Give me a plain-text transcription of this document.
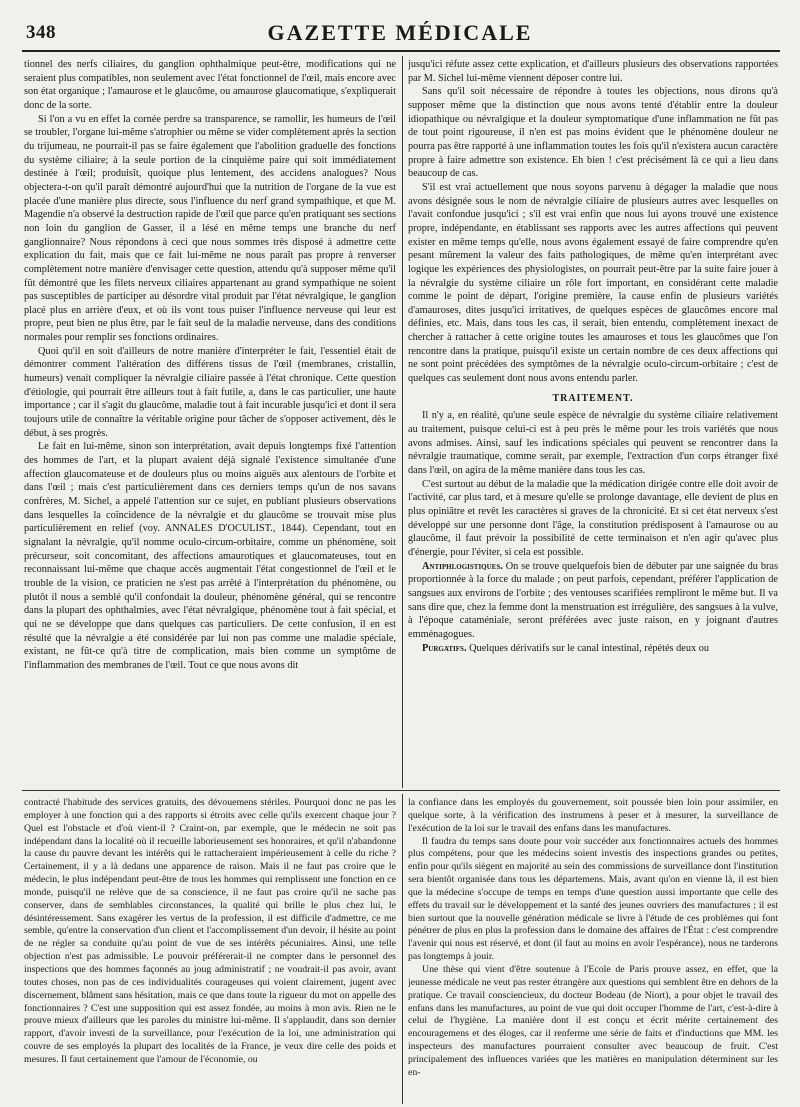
348	GAZETTE MÉDICALE

tionnel des nerfs ciliaires, du ganglion ophthalmique peut-être, modifications qui ne seraient plus compatibles, non seulement avec l'état fonctionnel de l'œil, mais encore avec son état organique ; l'amaurose et le glaucôme, ou amaurose glaucomatique, s'expliquerait donc de la sorte.

Si l'on a vu en effet la cornée perdre sa transparence, se ramollir, les humeurs de l'œil se troubler, l'organe lui-même s'atrophier ou même se vider complètement après la section du trijumeau, ne pourrait-il pas se faire également que l'abolition graduelle des fonctions du système ciliaire; à la seule portion de la cinquième paire qui soit immédiatement destinée à l'œil; produisît, quoique plus lentement, des accidens analogues? Nous objectera-t-on qu'il paraît démontré aujourd'hui que la nutrition de l'organe de la vue est placée d'une manière plus directe, sous l'influence du nerf grand sympathique, et que M. Magendie n'a observé la destruction rapide de l'œil que parce qu'en pratiquant ses sections non loin du ganglion de Gasser, il a lésé en même temps une branche du nerf ganglionnaire? Nous répondons à ceci que nous sommes très disposé à admettre cette explication du fait, mais que ce fait lui-même ne nous paraît pas propre à renverser complètement notre manière d'envisager cette question, attendu qu'à supposer même qu'il fût démontré que les filets nerveux ciliaires appartenant au grand sympathique ne soient pas susceptibles de participer au désordre vital produit par l'état névralgique, le ganglion placé plus en arrière d'eux, et où ils vont tous puiser l'influence nerveuse qui leur est propre, peut bien ne plus être, par le fait seul de la maladie nerveuse, dans des conditions normales pour remplir ses fonctions ordinaires.

Quoi qu'il en soit d'ailleurs de notre manière d'interpréter le fait, l'essentiel était de démontrer comment l'altération des différens tissus de l'œil (membranes, cristallin, humeurs) venait compliquer la névralgie ciliaire passée à l'état chronique. Cette question d'étiologie, qui pourrait être ailleurs tout à fait futile, a, dans le cas particulier, une haute importance ; car il s'agit du glaucôme, maladie tout à fait incurable jusqu'ici et dont il sera toujours utile de connaître la véritable origine pour tâcher de s'opposer activement, dès le début, à ses progrès.

Le fait en lui-même, sinon son interprétation, avait depuis longtemps fixé l'attention des hommes de l'art, et la plupart avaient déjà signalé l'existence simultanée d'une affection glaucomateuse et de douleurs plus ou moins aiguës aux alentours de l'orbite et dans l'œil ; mais c'est particulièrement dans ces derniers temps qu'un de nos savans confrères, M. Sichel, a appelé l'attention sur ce sujet, en publiant plusieurs observations dans lesquelles la coïncidence de la névralgie et du glaucôme se trouvait mise plus particulièrement en relief (voy. ANNALES D'OCULIST., 1844). Cependant, tout en signalant la névralgie, qu'il nomme oculo-circum-orbitaire, comme un phénomène, soit précurseur, soit concomitant, des affections amaurotiques et glaucomateuses, tout en reconnaissant lui-même que chaque accès augmentait l'état congestionnel de l'œil et le trouble de la vision, ce praticien ne s'est pas arrêté à l'interprétation du phénomène, ou plutôt il nous a semblé qu'il confondait la douleur, phénomène général, qui se rencontre dans la plupart des ophthalmies, avec l'état névralgique, phénomène tout à fait spécial, et qui ne se développe que dans quelques cas particuliers. De cette confusion, il en est résulté que la névralgie a été considérée par lui non pas comme une maladie spéciale, existant, ne fût-ce qu'à titre de complication, mais bien comme un symptôme de l'inflammation des membranes de l'œil. Tout ce que nous avons dit

jusqu'ici réfute assez cette explication, et d'ailleurs plusieurs des observations rapportées par M. Sichel lui-même viennent déposer contre lui.

Sans qu'il soit nécessaire de répondre à toutes les objections, nous dirons qu'à supposer même que la distinction que nous avons tenté d'établir entre la douleur idiopathique ou névralgique et la douleur symptomatique d'une inflammation ne fût pas de tout point rigoureuse, il n'en est pas moins évident que le phénomène douleur ne pourra pas être rapporté à une inflammation toutes les fois qu'il n'existera aucun caractère propre à faire admettre son existence. Eh bien ! c'est précisément là ce qui a lieu dans beaucoup de cas.

S'il est vrai actuellement que nous soyons parvenu à dégager la maladie que nous avons désignée sous le nom de névralgie ciliaire de plusieurs autres avec lesquelles on l'avait confondue jusqu'ici ; s'il est vrai enfin que nous lui ayons trouvé une existence propre, indépendante, en établissant ses rapports avec les autres affections qui peuvent exister en même temps qu'elle, nous avons également essayé de faire comprendre qu'en pesant mûrement la valeur des faits pathologiques, de même qu'en interprétant avec logique les expériences des physiologistes, on pourrait peut-être par la suite faire jouer à la névralgie du système ciliaire un rôle fort important, en considérant cette maladie comme le point de départ, l'origine première, la cause enfin de plusieurs variétés d'amauroses, dites jusqu'ici irritatives, de quelques espèces de glaucômes encore mal définies, etc. Mais, dans tous les cas, il serait, bien entendu, complètement inexact de chercher à rattacher à cette origine toutes les amauroses et tous les glaucômes que l'on rencontre dans la pratique, puisqu'il existe un certain nombre de ces deux affections qui ne sont point précédées des symptômes de la névralgie oculo-circum-orbitaire ; c'est de quelques cas seulement dont nous avons entendu parler.

TRAITEMENT.

Il n'y a, en réalité, qu'une seule espèce de névralgie du système ciliaire relativement au traitement, puisque celui-ci est à peu près le même pour les trois variétés que nous avons admises. Ainsi, sauf les indications spéciales qui peuvent se rencontrer dans la névralgie traumatique, comme serait, par exemple, l'extraction d'un corps étranger fixé dans l'œil, on agira de la même manière dans tous les cas.

C'est surtout au début de la maladie que la médication dirigée contre elle doit avoir de l'activité, car plus tard, et à mesure qu'elle se prolonge davantage, elle devient de plus en plus opiniâtre et revêt les caractères si graves de la chronicité. Et si cet état nerveux s'est développé sur une personne dont l'âge, la constitution prédisposent à l'amaurose ou au glaucôme, il faut prévoir la possibilité de cette terminaison et n'en agir qu'avec plus d'énergie, pour l'éviter, si cela est possible.

Antiphlogistiques. On se trouve quelquefois bien de débuter par une saignée du bras proportionnée à la force du malade ; on peut parfois, cependant, préférer l'application de sangsues aux environs de l'orbite ; des ventouses scarifiées rempliront le même but. Il va sans dire que, chez la femme dont la menstruation est irrégulière, des sangsues à la vulve, à l'époque cataméniale, seront préférées avec juste raison, en y joignant d'autres emménagogues.

Purgatifs. Quelques dérivatifs sur le canal intestinal, répétés deux ou

contracté l'habitude des services gratuits, des dévouemens stériles. Pourquoi donc ne pas les employer à une fonction qui a des rapports si étroits avec celle qu'ils exercent chaque jour ? Quel est l'obstacle et d'où vient-il ? Craint-on, par exemple, que le médecin ne soit pas indépendant dans la localité où il recueille laborieusement ses honoraires, et qu'il n'abandonne la cause du pauvre devant les intérêts qui le rattacheraient impérieusement à celle du riche ? Certainement, il y a là dedans une apparence de raison. Mais il ne faut pas croire que le médecin, le plus indépendant peut-être de tous les hommes qui remplissent une fonction en ce monde, puisqu'il ne relève que de sa conscience, il ne faut pas croire qu'il ne sache pas conserver, dans de semblables circonstances, la qualité qui brille le plus chez lui, le désintéressement. Sans exagérer les vertus de la profession, il est difficile d'admettre, ce me semble, qu'entre la conservation d'un client et l'accomplissement d'un devoir, il hésite au point de ne régler sa conduite qu'au point de vue de ses intérêts pécuniaires. Ainsi, une telle objection n'est pas admissible. Le pouvoir préférerait-il ne compter dans le personnel des inspections que des hommes façonnés au joug administratif ; ne voudrait-il pas avoir, avant toutes choses, non pas de ces individualités courageuses qui voient clairement, jugent avec discernement, blâment sans hésitation, mais ce que dans toute la rigueur du mot on appelle des fonctionnaires ? C'est une supposition qui est assez fondée, au moins à mon avis. Rien ne le prouve mieux d'ailleurs que les paroles du ministre lui-même. Il s'applaudit, dans son dernier rapport, d'avoir investi de la surveillance, pour l'exécution de la loi, une administration qui couvre de ses employés la plupart des localités de la France, je veux dire celle des poids et mesures. Il faut certainement que l'amour de l'économie, ou

la confiance dans les employés du gouvernement, soit poussée bien loin pour assimiler, en quelque sorte, à la vérification des instrumens à peser et à mesurer, la surveillance de l'exécution de la loi sur le travail des enfans dans les manufactures.

Il faudra du temps sans doute pour voir succéder aux fonctionnaires actuels des hommes plus compétens, pour que les médecins soient investis des inspections grandes ou petites, enfin pour qu'ils siègent en majorité au sein des commissions de surveillance dont l'institution sera bientôt organisée dans tous les départemens. Mais, avant qu'on en vienne là, il est bien que la médecine s'occupe de temps en temps d'une question aussi importante que celle des effets du travail sur le développement et la santé des jeunes ouvriers des manufactures ; il est bien surtout que la nouvelle génération médicale se livre à l'étude de ces problèmes qui font pénétrer de plus en plus la profession dans le domaine des affaires de l'État : c'est comprendre l'avenir qui nous est réservé, et dont (il faut au moins en avoir l'espérance), nous ne tarderons pas longtemps à jouir.

Une thèse qui vient d'être soutenue à l'Ecole de Paris prouve assez, en effet, que la jeunesse médicale ne veut pas rester étrangère aux questions qui semblent être en dehors de la pratique. Ce travail consciencieux, du docteur Bodeau (de Niort), a pour objet le travail des enfans dans les manufactures, au point de vue qui doit occuper l'homme de l'art, c'est-à-dire à celui de l'hygiène. La manière dont il est conçu et écrit mérite certainement des encouragemens et des éloges, car il renferme une série de faits et d'inductions que MM. les inspecteurs des manufactures pourraient consulter avec beaucoup de fruit. C'est principalement des influences variées que les matières en manipulation déterminent sur les en-
